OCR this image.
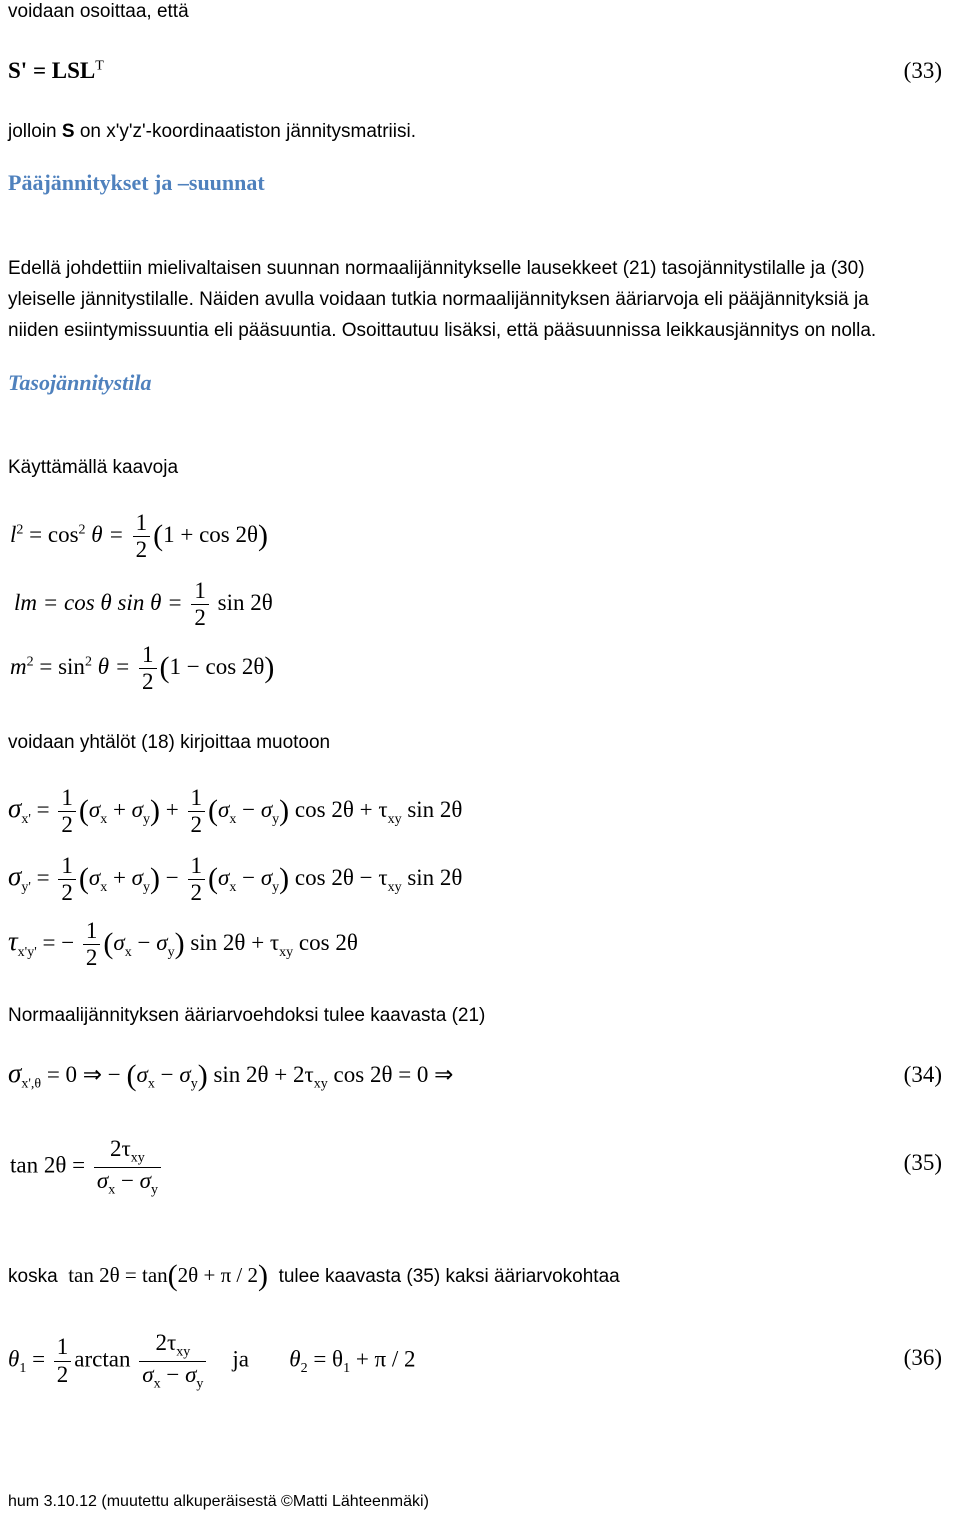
voidaan osoittaa, että
$S' = LSL^T$	(33)
jolloin S on x'y'z'-koordinaatiston jännitysmatriisi.
Pääjännitykset ja –suunnat
Edellä johdettiin mielivaltaisen suunnan normaalijännitykselle lausekkeet (21) tasojännitystilalle ja (30)
yleiselle jännitystilalle. Näiden avulla voidaan tutkia normaalijännityksen ääriarvoja eli pääjännityksiä ja
niiden esiintymissuuntia eli pääsuuntia. Osoittautuu lisäksi, että pääsuunnissa leikkausjännitys on nolla.
Tasojännitystila
Käyttämällä kaavoja
$l^2 = \cos^2 \theta = \frac{1}{2} (1 + \cos 2\theta)$
lm = cos θ $\sin \theta = \frac{1}{2}$ sin 2θ
$m^2 = \sin^2 \theta = \frac{1}{2} (1 - \cos 2\theta)$
voidaan yhtälöt (18) kirjoittaa muotoon
$\sigma_{x'} = \frac{1}{2} (\sigma_x + \sigma_y) + \frac{1}{2} (\sigma_x - \sigma_y)$ $\cos 2\theta + \tau_{xy}$ sin 2θ
$\sigma_{y'} = \frac{1}{2} (\sigma_x + \sigma_y) - \frac{1}{2} (\sigma_x - \sigma_y)$ $\cos 2\theta - \tau_{xy}$ sin 2θ
$\tau_{x'y'}$ = − $\frac{1}{2} (\sigma_x - \sigma_y)$ $\sin 2\theta + \tau_{xy}$ cos 2θ
Normaalijännityksen ääriarvoehdoksi tulee kaavasta (21)
$\sigma_{x',\theta} = 0$ ⇒ − $(\sigma_x - \sigma_y)$ $\sin 2\theta + 2\tau_{xy}$ cos 2θ = 0 ⇒	(34)
$\tan 2\theta = \frac{2\tau_{xy}}{\sigma_x - \sigma_y}$	(35)
koska tan 2θ = tan(2θ + π / 2) tulee kaavasta (35) kaksi ääriarvokohtaa
$\theta_1 = \frac{1}{2}$ $\arctan \frac{2\tau_{xy}}{\sigma_x - \sigma_y}$ ja $\theta_2 = \theta_1 + \pi / 2$	(36)
hum 3.10.12 (muutettu alkuperäisestä ©Matti Lähteenmäki)
